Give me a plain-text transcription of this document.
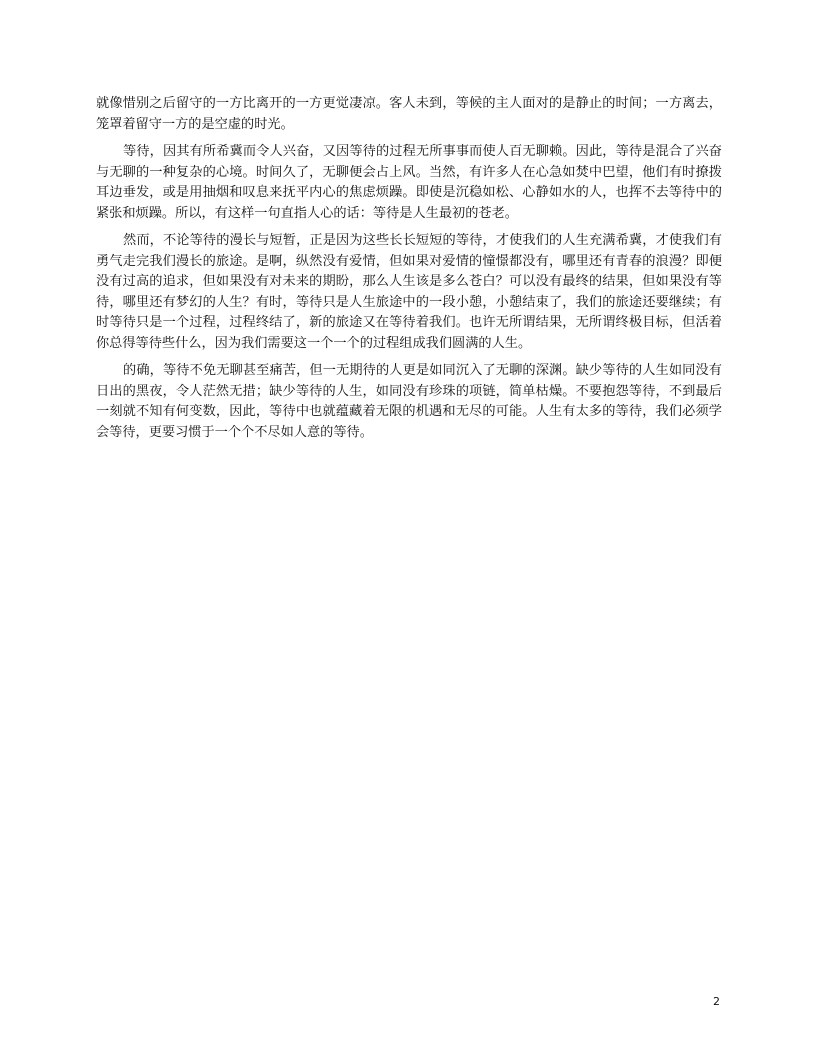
就像惜别之后留守的一方比离开的一方更觉凄凉。客人未到，等候的主人面对的是静止的时间；一方离去，笼罩着留守一方的是空虚的时光。

等待，因其有所希冀而令人兴奋，又因等待的过程无所事事而使人百无聊赖。因此，等待是混合了兴奋与无聊的一种复杂的心境。时间久了，无聊便会占上风。当然，有许多人在心急如焚中巴望，他们有时撩拨耳边垂发，或是用抽烟和叹息来抚平内心的焦虑烦躁。即使是沉稳如松、心静如水的人，也挥不去等待中的紧张和烦躁。所以，有这样一句直指人心的话：等待是人生最初的苍老。

然而，不论等待的漫长与短暂，正是因为这些长长短短的等待，才使我们的人生充满希冀，才使我们有勇气走完我们漫长的旅途。是啊，纵然没有爱情，但如果对爱情的憧憬都没有，哪里还有青春的浪漫？即便没有过高的追求，但如果没有对未来的期盼，那么人生该是多么苍白？可以没有最终的结果，但如果没有等待，哪里还有梦幻的人生？有时，等待只是人生旅途中的一段小憩，小憩结束了，我们的旅途还要继续；有时等待只是一个过程，过程终结了，新的旅途又在等待着我们。也许无所谓结果，无所谓终极目标，但活着你总得等待些什么，因为我们需要这一个一个的过程组成我们圆满的人生。

的确，等待不免无聊甚至痛苦，但一无期待的人更是如同沉入了无聊的深渊。缺少等待的人生如同没有日出的黑夜，令人茫然无措；缺少等待的人生，如同没有珍珠的项链，简单枯燥。不要抱怨等待，不到最后一刻就不知有何变数，因此，等待中也就蕴藏着无限的机遇和无尽的可能。人生有太多的等待，我们必须学会等待，更要习惯于一个个不尽如人意的等待。

2
